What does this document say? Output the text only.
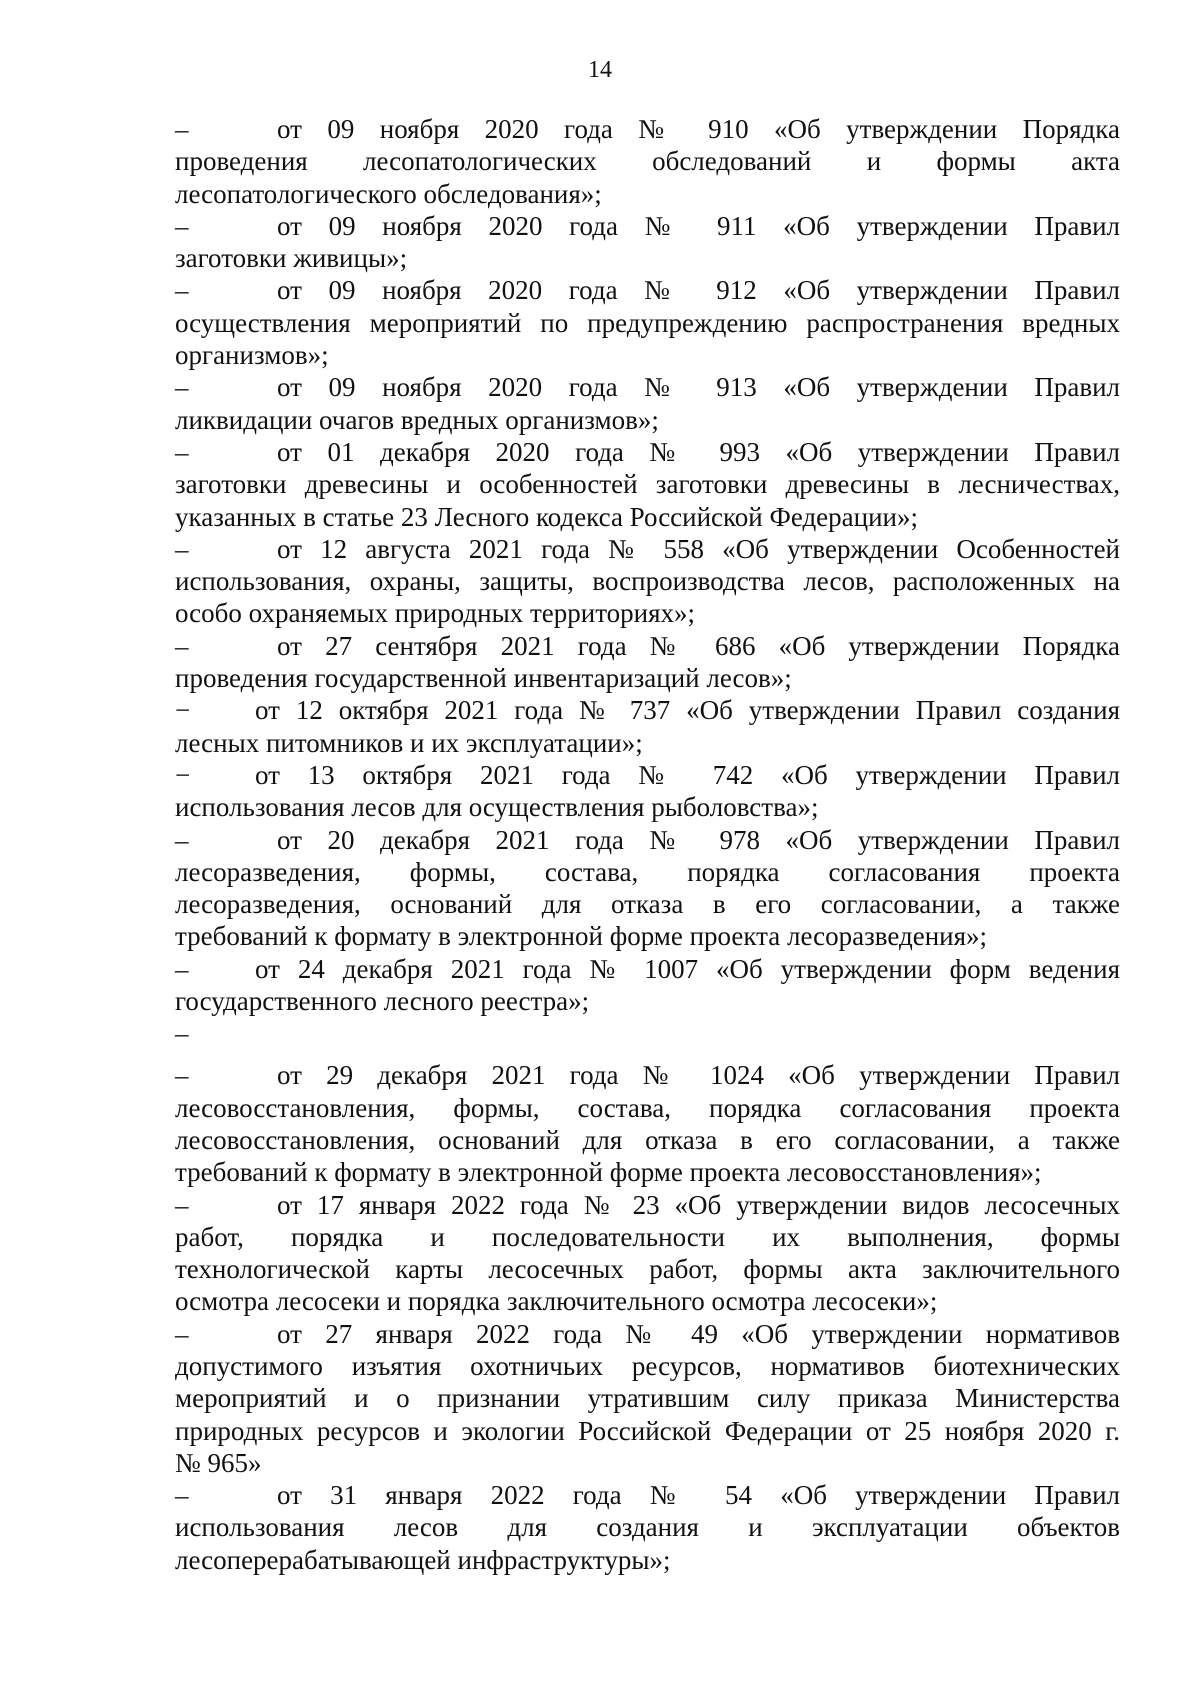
14
–	от 09 ноября 2020 года № 910 «Об утверждении Порядка
проведения лесопатологических обследований и формы акта
лесопатологического обследования»;
–	от 09 ноября 2020 года № 911 «Об утверждении Правил
заготовки живицы»;
–	от 09 ноября 2020 года № 912 «Об утверждении Правил
осуществления мероприятий по предупреждению распространения вредных
организмов»;
–	от 09 ноября 2020 года № 913 «Об утверждении Правил
ликвидации очагов вредных организмов»;
–	от 01 декабря 2020 года № 993 «Об утверждении Правил
заготовки древесины и особенностей заготовки древесины в лесничествах,
указанных в статье 23 Лесного кодекса Российской Федерации»;
–	от 12 августа 2021 года № 558 «Об утверждении Особенностей
использования, охраны, защиты, воспроизводства лесов, расположенных на
особо охраняемых природных территориях»;
–	от 27 сентября 2021 года № 686 «Об утверждении Порядка
проведения государственной инвентаризаций лесов»;
−	от 12 октября 2021 года № 737 «Об утверждении Правил создания
лесных питомников и их эксплуатации»;
−	от 13 октября 2021 года № 742 «Об утверждении Правил
использования лесов для осуществления рыболовства»;
–	от 20 декабря 2021 года № 978 «Об утверждении Правил
лесоразведения, формы, состава, порядка согласования проекта
лесоразведения, оснований для отказа в его согласовании, а также
требований к формату в электронной форме проекта лесоразведения»;
–	от 24 декабря 2021 года № 1007 «Об утверждении форм ведения
государственного лесного реестра»;
–
–	от 29 декабря 2021 года № 1024 «Об утверждении Правил
лесовосстановления, формы, состава, порядка согласования проекта
лесовосстановления, оснований для отказа в его согласовании, а также
требований к формату в электронной форме проекта лесовосстановления»;
–	от 17 января 2022 года № 23 «Об утверждении видов лесосечных
работ, порядка и последовательности их выполнения, формы
технологической карты лесосечных работ, формы акта заключительного
осмотра лесосеки и порядка заключительного осмотра лесосеки»;
–	от 27 января 2022 года № 49 «Об утверждении нормативов
допустимого изъятия охотничьих ресурсов, нормативов биотехнических
мероприятий и о признании утратившим силу приказа Министерства
природных ресурсов и экологии Российской Федерации от 25 ноября 2020 г.
№ 965»
–	от 31 января 2022 года № 54 «Об утверждении Правил
использования лесов для создания и эксплуатации объектов
лесоперерабатывающей инфраструктуры»;
